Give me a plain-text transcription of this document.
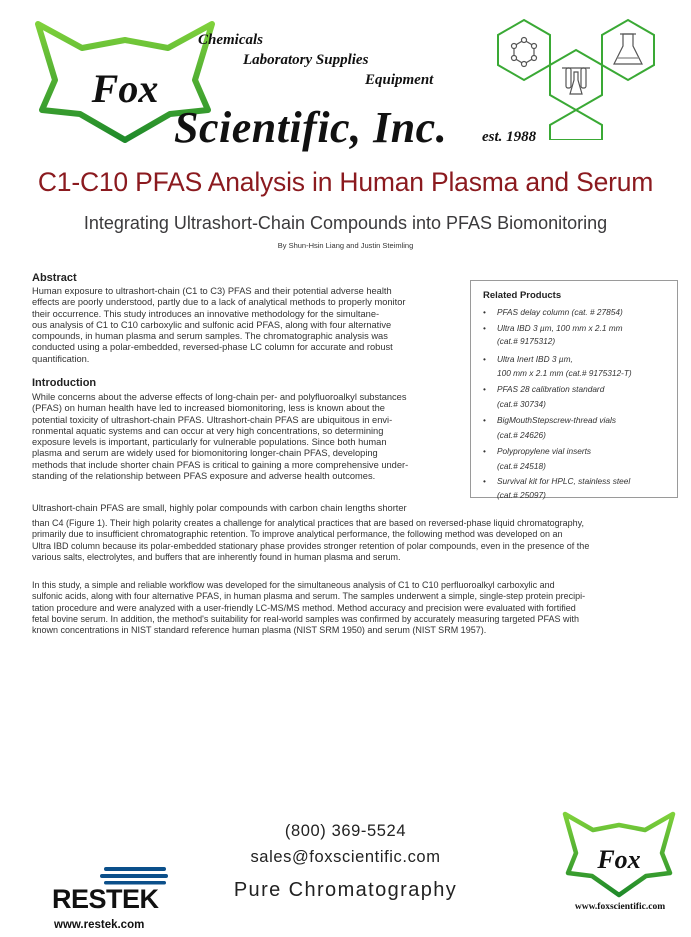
Fox
Chemicals
Laboratory Supplies
Equipment
Scientific, Inc. est. 1988
C1-C10 PFAS Analysis in Human Plasma and Serum
Integrating Ultrashort-Chain Compounds into PFAS Biomonitoring
By Shun-Hsin Liang and Justin Steimling
Abstract
Human exposure to ultrashort-chain (C1 to C3) PFAS and their potential adverse health
effects are poorly understood, partly due to a lack of analytical methods to properly monitor
their occurrence. This study introduces an innovative methodology for the simultane-
ous analysis of C1 to C10 carboxylic and sulfonic acid PFAS, along with four alternative
compounds, in human plasma and serum samples. The chromatographic analysis was
conducted using a polar-embedded, reversed-phase LC column for accurate and robust
quantification.
Introduction
While concerns about the adverse effects of long-chain per- and polyfluoroalkyl substances
(PFAS) on human health have led to increased biomonitoring, less is known about the
potential toxicity of ultrashort-chain PFAS. Ultrashort-chain PFAS are ubiquitous in envi-
ronmental aquatic systems and can occur at very high concentrations, so determining
exposure levels is important, particularly for vulnerable populations. Since both human
plasma and serum are widely used for biomonitoring longer-chain PFAS, developing
methods that include shorter chain PFAS is critical to gaining a more comprehensive under-
standing of the relationship between PFAS exposure and adverse health outcomes.
Ultrashort-chain PFAS are small, highly polar compounds with carbon chain lengths shorter
than C4 (Figure 1). Their high polarity creates a challenge for analytical practices that are based on reversed-phase liquid chromatography,
primarily due to insufficient chromatographic retention. To improve analytical performance, the following method was developed on an
Ultra IBD column because its polar-embedded stationary phase provides stronger retention of polar compounds, even in the presence of the
various salts, electrolytes, and buffers that are inherently found in human plasma and serum.
In this study, a simple and reliable workflow was developed for the simultaneous analysis of C1 to C10 perfluoroalkyl carboxylic and
sulfonic acids, along with four alternative PFAS, in human plasma and serum. The samples underwent a simple, single-step protein precipi-
tation procedure and were analyzed with a user-friendly LC-MS/MS method. Method accuracy and precision were evaluated with fortified
fetal bovine serum. In addition, the method's suitability for real-world samples was confirmed by accurately measuring targeted PFAS with
known concentrations in NIST standard reference human plasma (NIST SRM 1950) and serum (NIST SRM 1957).
Related Products
• PFAS delay column (cat. # 27854)
• Ultra IBD 3 µm, 100 mm x 2.1 mm
(cat.# 9175312)
• Ultra Inert IBD 3 µm,
100 mm x 2.1 mm (cat.# 9175312-T)
• PFAS 28 calibration standard
(cat.# 30734)
• BigMouthStepscrew-thread vials
(cat.# 24626)
• Polypropylene vial inserts
(cat.# 24518)
• Survival kit for HPLC, stainless steel
(cat.# 25097)
(800) 369-5524
sales@foxscientific.com
Pure Chromatography
RESTEK
www.restek.com
Fox
www.foxscientific.com
